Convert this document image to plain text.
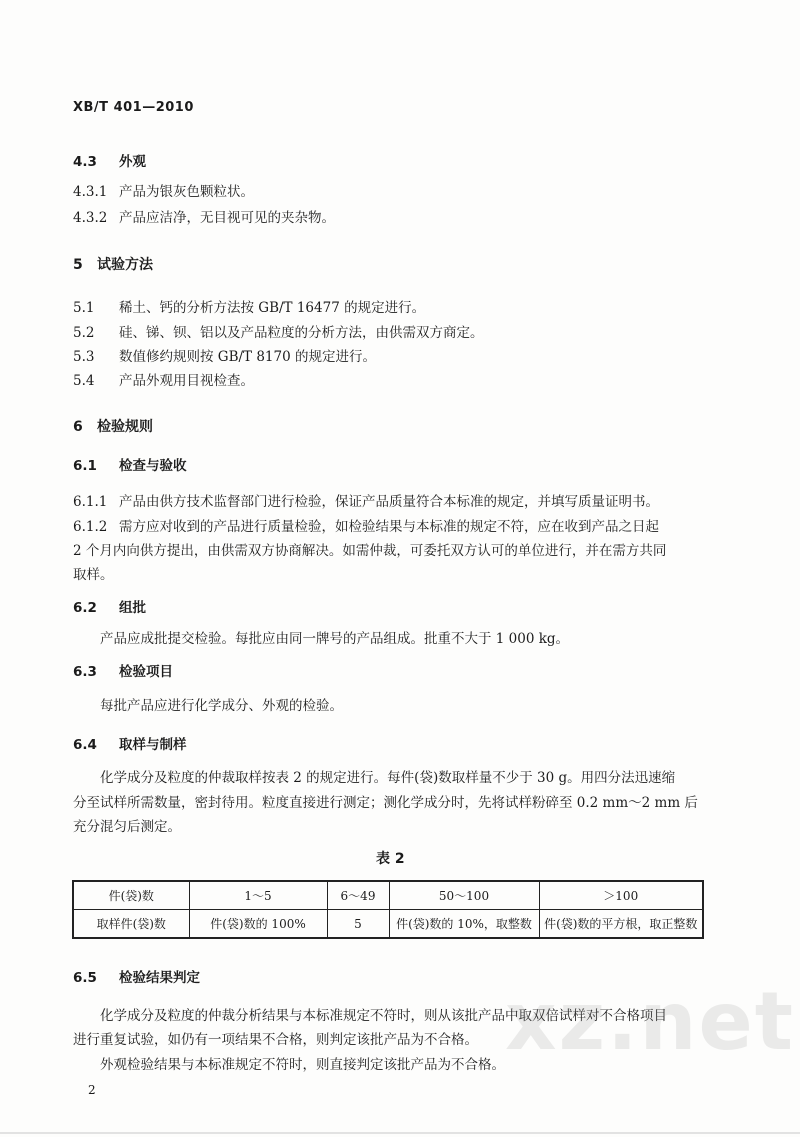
XB/T 401—2010
4.3 外观
4.3.1 产品为银灰色颗粒状。
4.3.2 产品应洁净，无目视可见的夹杂物。
5 试验方法
5.1 稀土、钙的分析方法按 GB/T 16477 的规定进行。
5.2 硅、锑、钡、铝以及产品粒度的分析方法，由供需双方商定。
5.3 数值修约规则按 GB/T 8170 的规定进行。
5.4 产品外观用目视检查。
6 检验规则
6.1 检查与验收
6.1.1 产品由供方技术监督部门进行检验，保证产品质量符合本标准的规定，并填写质量证明书。
6.1.2 需方应对收到的产品进行质量检验，如检验结果与本标准的规定不符，应在收到产品之日起
2 个月内向供方提出，由供需双方协商解决。如需仲裁，可委托双方认可的单位进行，并在需方共同
取样。
6.2 组批
产品应成批提交检验。每批应由同一牌号的产品组成。批重不大于 1 000 kg。
6.3 检验项目
每批产品应进行化学成分、外观的检验。
6.4 取样与制样
化学成分及粒度的仲裁取样按表 2 的规定进行。每件(袋)数取样量不少于 30 g。用四分法迅速缩
分至试样所需数量，密封待用。粒度直接进行测定；测化学成分时，先将试样粉碎至 0.2 mm～2 mm 后
充分混匀后测定。
表 2
件(袋)数	1～5	6～49	50～100	＞100
取样件(袋)数	件(袋)数的 100%	5	件(袋)数的 10%，取整数	件(袋)数的平方根，取正整数
6.5 检验结果判定
化学成分及粒度的仲裁分析结果与本标准规定不符时，则从该批产品中取双倍试样对不合格项目
进行重复试验，如仍有一项结果不合格，则判定该批产品为不合格。
外观检验结果与本标准规定不符时，则直接判定该批产品为不合格。 xz.net
2
